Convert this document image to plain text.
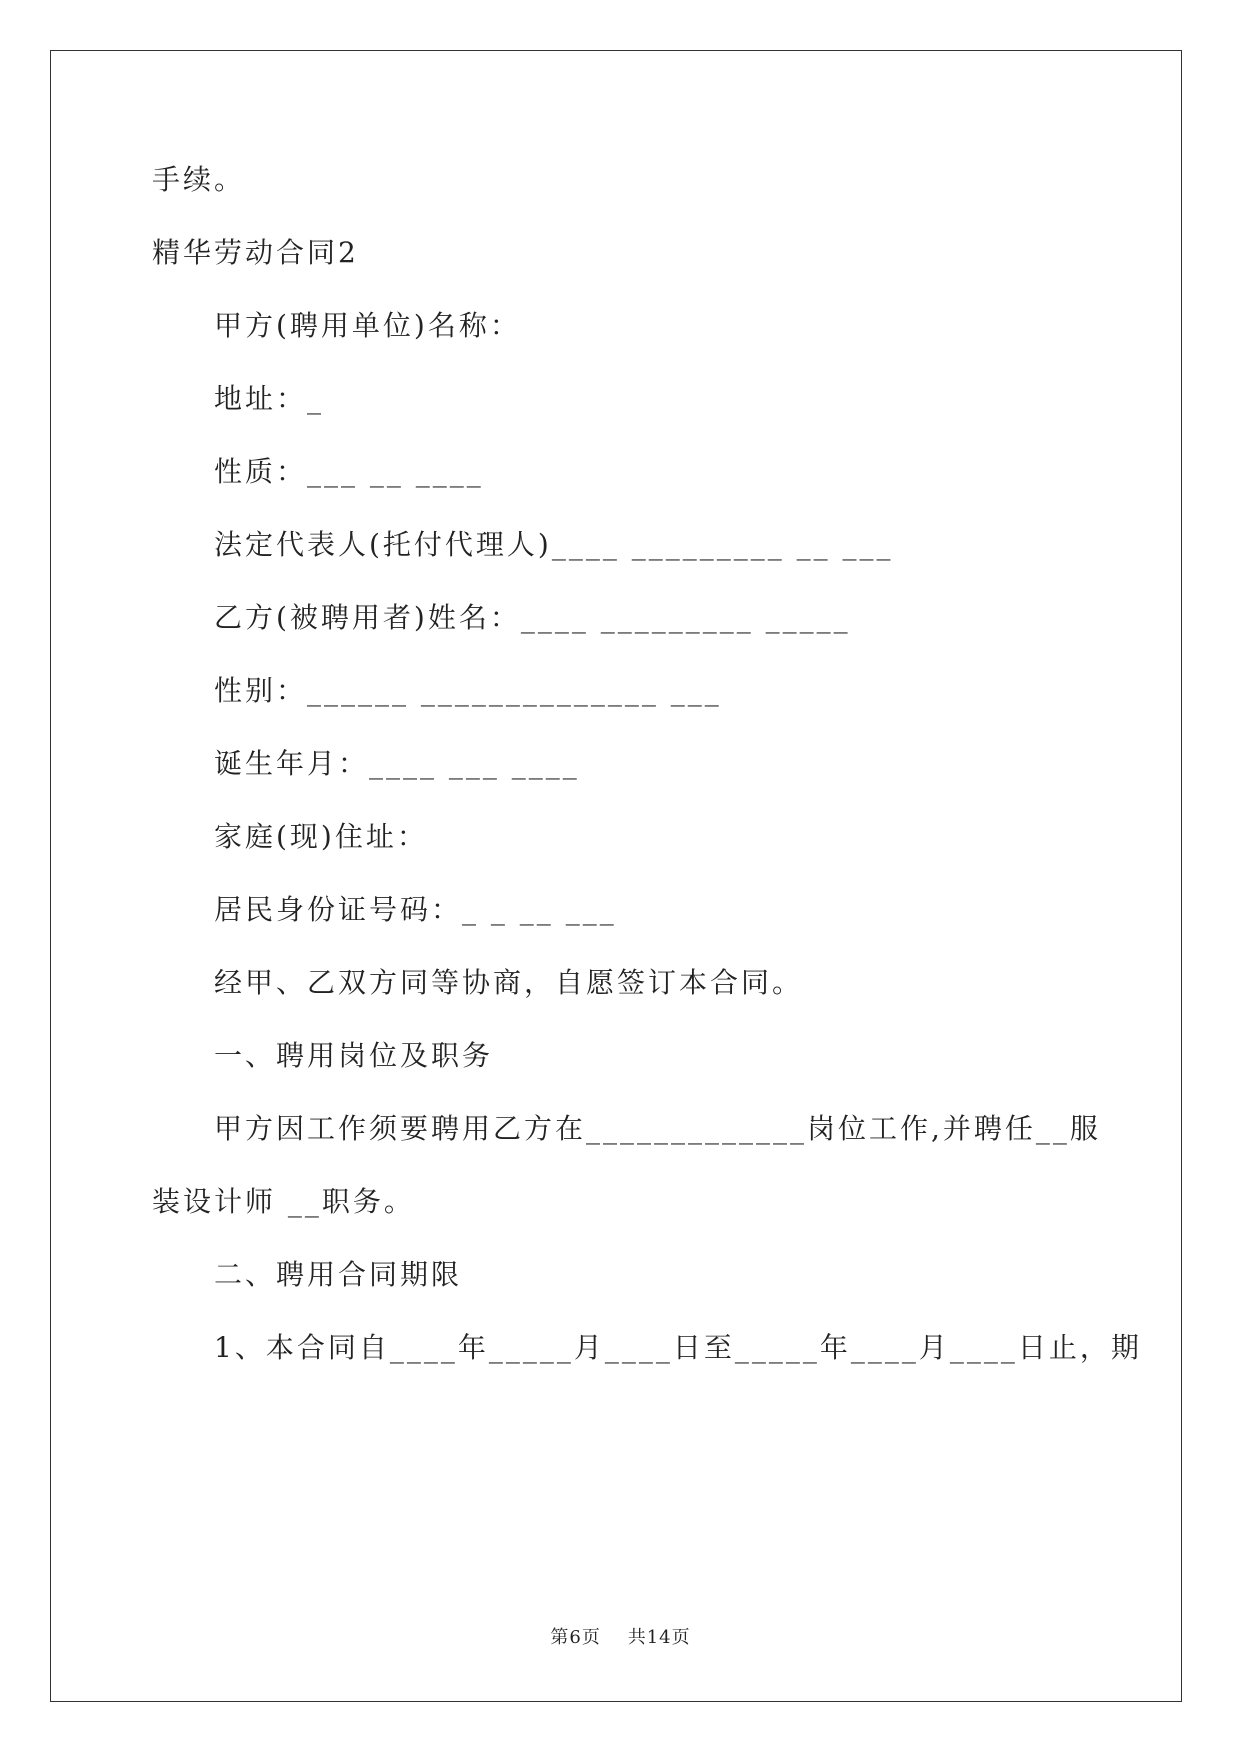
手续。
精华劳动合同2
甲方(聘用单位)名称：
地址：_
性质：___ __ ____
法定代表人(托付代理人)____ _________ __ ___
乙方(被聘用者)姓名：____ _________ _____
性别：______ ______________ ___
诞生年月：____ ___ ____
家庭(现)住址：
居民身份证号码：_ _ __ ___
经甲、乙双方同等协商，自愿签订本合同。
一、聘用岗位及职务
甲方因工作须要聘用乙方在_____________岗位工作,并聘任__服
装设计师 __职务。
二、聘用合同期限
1、本合同自____年_____月____日至_____年____月____日止，期
第6页 共14页
